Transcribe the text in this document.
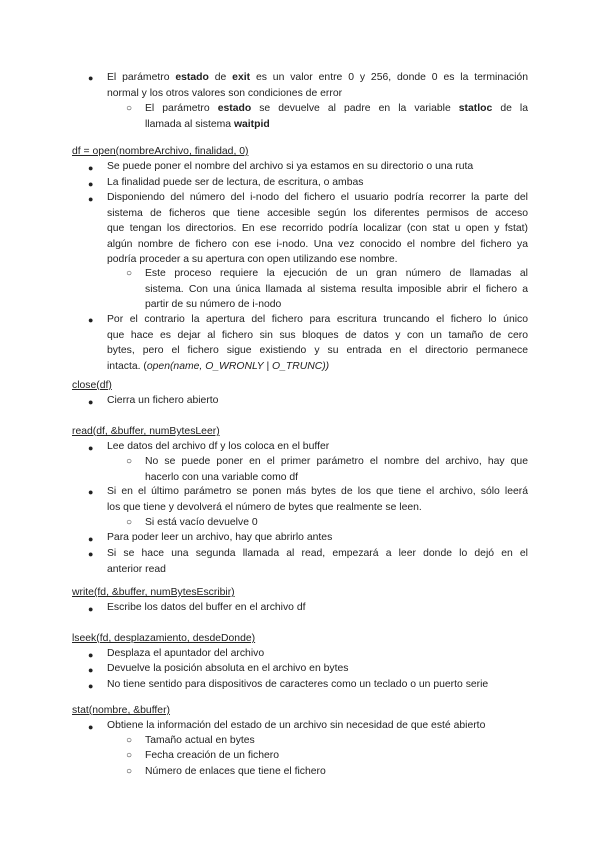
● El parámetro estado de exit es un valor entre 0 y 256, donde 0 es la terminación
normal y los otros valores son condiciones de error
○ El parámetro estado se devuelve al padre en la variable statloc de la
llamada al sistema waitpid
df = open(nombreArchivo, finalidad, 0)
● Se puede poner el nombre del archivo si ya estamos en su directorio o una ruta
● La finalidad puede ser de lectura, de escritura, o ambas
● Disponiendo del número del i-nodo del fichero el usuario podría recorrer la parte del
sistema de ficheros que tiene accesible según los diferentes permisos de acceso
que tengan los directorios. En ese recorrido podría localizar (con stat u open y fstat)
algún nombre de fichero con ese i-nodo. Una vez conocido el nombre del fichero ya
podría proceder a su apertura con open utilizando ese nombre.
○ Este proceso requiere la ejecución de un gran número de llamadas al
sistema. Con una única llamada al sistema resulta imposible abrir el fichero a
partir de su número de i-nodo
● Por el contrario la apertura del fichero para escritura truncando el fichero lo único
que hace es dejar al fichero sin sus bloques de datos y con un tamaño de cero
bytes, pero el fichero sigue existiendo y su entrada en el directorio permanece
intacta. (open(name, O_WRONLY | O_TRUNC))
close(df)
● Cierra un fichero abierto
read(df, &buffer, numBytesLeer)
● Lee datos del archivo df y los coloca en el buffer
○ No se puede poner en el primer parámetro el nombre del archivo, hay que
hacerlo con una variable como df
● Si en el último parámetro se ponen más bytes de los que tiene el archivo, sólo leerá
los que tiene y devolverá el número de bytes que realmente se leen.
○ Si está vacío devuelve 0
● Para poder leer un archivo, hay que abrirlo antes
● Si se hace una segunda llamada al read, empezará a leer donde lo dejó en el
anterior read
write(fd, &buffer, numBytesEscribir)
● Escribe los datos del buffer en el archivo df
lseek(fd, desplazamiento, desdeDonde)
● Desplaza el apuntador del archivo
● Devuelve la posición absoluta en el archivo en bytes
● No tiene sentido para dispositivos de caracteres como un teclado o un puerto serie
stat(nombre, &buffer)
● Obtiene la información del estado de un archivo sin necesidad de que esté abierto
○ Tamaño actual en bytes
○ Fecha creación de un fichero
○ Número de enlaces que tiene el fichero
